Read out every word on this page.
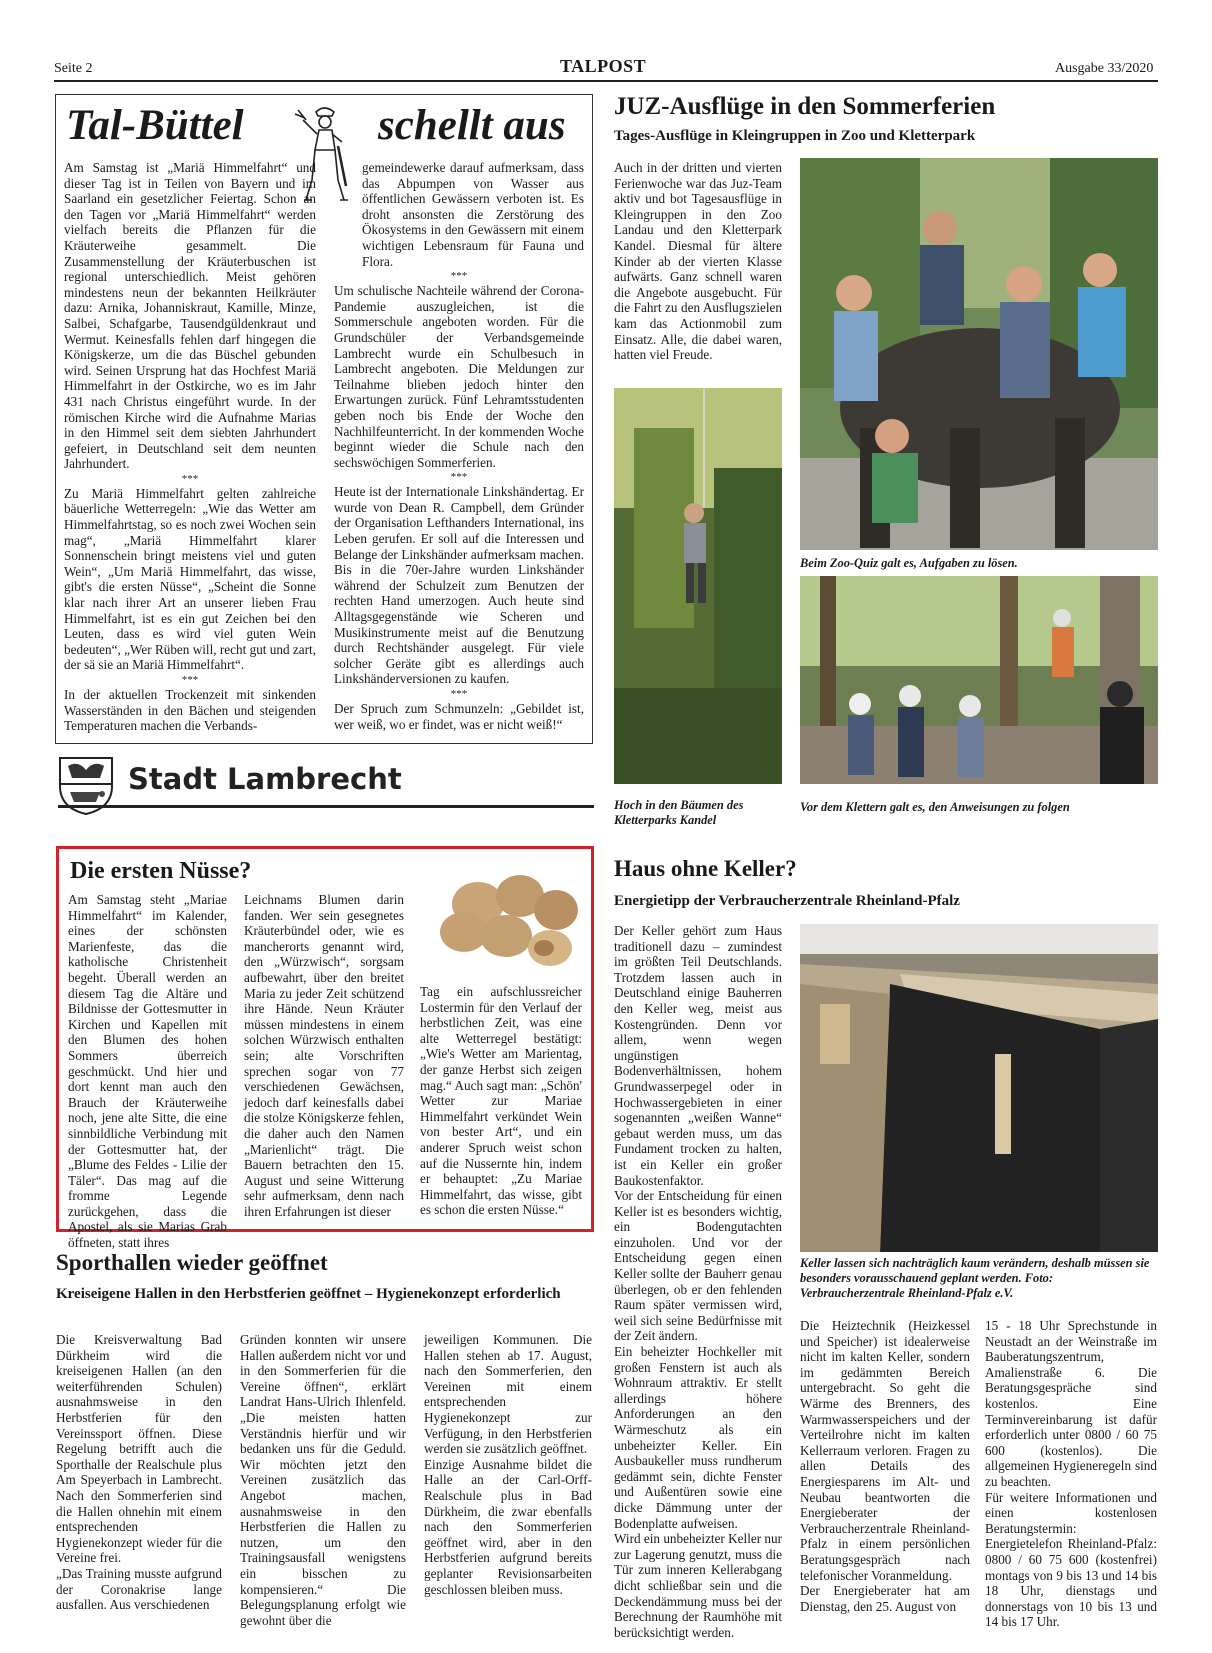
Seite 2	TALPOST	Ausgabe 33/2020
Tal-Büttel	schellt aus

Am Samstag ist „Mariä Himmelfahrt“ und dieser Tag ist in Teilen von Bayern und im Saarland ein gesetzlicher Feiertag. Schon an den Tagen vor „Mariä Himmelfahrt“ werden vielfach bereits die Pflanzen für die Kräuterweihe gesammelt. Die Zusammenstellung der Kräuterbuschen ist regional unterschiedlich. Meist gehören mindestens neun der bekannten Heilkräuter dazu: Arnika, Johanniskraut, Kamille, Minze, Salbei, Schafgarbe, Tausendgüldenkraut und Wermut. Keinesfalls fehlen darf hingegen die Königskerze, um die das Büschel gebunden wird. Seinen Ursprung hat das Hochfest Mariä Himmelfahrt in der Ostkirche, wo es im Jahr 431 nach Christus eingeführt wurde. In der römischen Kirche wird die Aufnahme Marias in den Himmel seit dem siebten Jahrhundert gefeiert, in Deutschland seit dem neunten Jahrhundert.

***

Zu Mariä Himmelfahrt gelten zahlreiche bäuerliche Wetterregeln: „Wie das Wetter am Himmelfahrtstag, so es noch zwei Wochen sein mag“, „Mariä Himmelfahrt klarer Sonnenschein bringt meistens viel und guten Wein“, „Um Mariä Himmelfahrt, das wisse, gibt's die ersten Nüsse“, „Scheint die Sonne klar nach ihrer Art an unserer lieben Frau Himmelfahrt, ist es ein gut Zeichen bei den Leuten, dass es wird viel guten Wein bedeuten“, „Wer Rüben will, recht gut und zart, der sä sie an Mariä Himmelfahrt“.

***

In der aktuellen Trockenzeit mit sinkenden Wasserständen in den Bächen und steigenden Temperaturen machen die Verbands-

gemeindewerke darauf aufmerksam, dass das Abpumpen von Wasser aus öffentlichen Gewässern verboten ist. Es droht ansonsten die Zerstörung des Ökosystems in den Gewässern mit einem wichtigen Lebensraum für Fauna und Flora.

***

Um schulische Nachteile während der Corona-Pandemie auszugleichen, ist die Sommerschule angeboten worden. Für die Grundschüler der Verbandsgemeinde Lambrecht wurde ein Schulbesuch in Lambrecht angeboten. Die Meldungen zur Teilnahme blieben jedoch hinter den Erwartungen zurück. Fünf Lehramtsstudenten geben noch bis Ende der Woche den Nachhilfeunterricht. In der kommenden Woche beginnt wieder die Schule nach den sechswöchigen Sommerferien.

***

Heute ist der Internationale Linkshändertag. Er wurde von Dean R. Campbell, dem Gründer der Organisation Lefthanders International, ins Leben gerufen. Er soll auf die Interessen und Belange der Linkshänder aufmerksam machen. Bis in die 70er-Jahre wurden Linkshänder während der Schulzeit zum Benutzen der rechten Hand umerzogen. Auch heute sind Alltagsgegenstände wie Scheren und Musikinstrumente meist auf die Benutzung durch Rechtshänder ausgelegt. Für viele solcher Geräte gibt es allerdings auch Linkshänderversionen zu kaufen.

***

Der Spruch zum Schmunzeln: „Gebildet ist, wer weiß, wo er findet, was er nicht weiß!“

JUZ-Ausflüge in den Sommerferien
Tages-Ausflüge in Kleingruppen in Zoo und Kletterpark
Auch in der dritten und vierten Ferienwoche war das Juz-Team aktiv und bot Tagesausflüge in Kleingruppen in den Zoo Landau und den Kletterpark Kandel. Diesmal für ältere Kinder ab der vierten Klasse aufwärts. Ganz schnell waren die Angebote ausgebucht. Für die Fahrt zu den Ausflugszielen kam das Actionmobil zum Einsatz. Alle, die dabei waren, hatten viel Freude.
Beim Zoo-Quiz galt es, Aufgaben zu lösen.
Hoch in den Bäumen des Kletterparks Kandel
Vor dem Klettern galt es, den Anweisungen zu folgen
Stadt Lambrecht
Die ersten Nüsse?
Am Samstag steht „Mariae Himmelfahrt“ im Kalender, eines der schönsten Marienfeste, das die katholische Christenheit begeht. Überall werden an diesem Tag die Altäre und Bildnisse der Gottesmutter in Kirchen und Kapellen mit den Blumen des hohen Sommers überreich geschmückt. Und hier und dort kennt man auch den Brauch der Kräuterweihe noch, jene alte Sitte, die eine sinnbildliche Verbindung mit der Gottesmutter hat, der „Blume des Feldes - Lilie der Täler“. Das mag auf die fromme Legende zurückgehen, dass die Apostel, als sie Marias Grab öffneten, statt ihres
Leichnams Blumen darin fanden. Wer sein gesegnetes Kräuterbündel oder, wie es mancherorts genannt wird, den „Würzwisch“, sorgsam aufbewahrt, über den breitet Maria zu jeder Zeit schützend ihre Hände. Neun Kräuter müssen mindestens in einem solchen Würzwisch enthalten sein; alte Vorschriften sprechen sogar von 77 verschiedenen Gewächsen, jedoch darf keinesfalls dabei die stolze Königskerze fehlen, die daher auch den Namen „Marienlicht“ trägt. Die Bauern betrachten den 15. August und seine Witterung sehr aufmerksam, denn nach ihren Erfahrungen ist dieser
Tag ein aufschlussreicher Lostermin für den Verlauf der herbstlichen Zeit, was eine alte Wetterregel bestätigt: „Wie's Wetter am Marientag, der ganze Herbst sich zeigen mag.“ Auch sagt man: „Schön' Wetter zur Mariae Himmelfahrt verkündet Wein von bester Art“, und ein anderer Spruch weist schon auf die Nussernte hin, indem er behauptet: „Zu Mariae Himmelfahrt, das wisse, gibt es schon die ersten Nüsse.“
Haus ohne Keller?
Energietipp der Verbraucherzentrale Rheinland-Pfalz

Der Keller gehört zum Haus traditionell dazu – zumindest im größten Teil Deutschlands. Trotzdem lassen auch in Deutschland einige Bauherren den Keller weg, meist aus Kostengründen. Denn vor allem, wenn wegen ungünstigen Bodenverhältnissen, hohem Grundwasserpegel oder in Hochwassergebieten in einer sogenannten „weißen Wanne“ gebaut werden muss, um das Fundament trocken zu halten, ist ein Keller ein großer Baukostenfaktor.

Vor der Entscheidung für einen Keller ist es besonders wichtig, ein Bodengutachten einzuholen. Und vor der Entscheidung gegen einen Keller sollte der Bauherr genau überlegen, ob er den fehlenden Raum später vermissen wird, weil sich seine Bedürfnisse mit der Zeit ändern.

Ein beheizter Hochkeller mit großen Fenstern ist auch als Wohnraum attraktiv. Er stellt allerdings höhere Anforderungen an den Wärmeschutz als ein unbeheizter Keller. Ein Ausbaukeller muss rundherum gedämmt sein, dichte Fenster und Außentüren sowie eine dicke Dämmung unter der Bodenplatte aufweisen.

Wird ein unbeheizter Keller nur zur Lagerung genutzt, muss die Tür zum inneren Kellerabgang dicht schließbar sein und die Deckendämmung muss bei der Berechnung der Raumhöhe mit berücksichtigt werden.

Keller lassen sich nachträglich kaum verändern, deshalb müssen sie besonders vorausschauend geplant werden. Foto: Verbraucherzentrale Rheinland-Pfalz e.V.

Die Heiztechnik (Heizkessel und Speicher) ist idealerweise nicht im kalten Keller, sondern im gedämmten Bereich untergebracht. So geht die Wärme des Brenners, des Warmwasserspeichers und der Verteilrohre nicht im kalten Kellerraum verloren. Fragen zu allen Details des Energiesparens im Alt- und Neubau beantworten die Energieberater der Verbraucherzentrale Rheinland-Pfalz in einem persönlichen Beratungsgespräch nach telefonischer Voranmeldung.

Der Energieberater hat am Dienstag, den 25. August von

15 - 18 Uhr Sprechstunde in Neustadt an der Weinstraße im Bauberatungszentrum, Amalienstraße 6. Die Beratungsgespräche sind kostenlos. Eine Terminvereinbarung ist dafür erforderlich unter 0800 / 60 75 600 (kostenlos). Die allgemeinen Hygieneregeln sind zu beachten.

Für weitere Informationen und einen kostenlosen Beratungstermin: Energietelefon Rheinland-Pfalz: 0800 / 60 75 600 (kostenfrei) montags von 9 bis 13 und 14 bis 18 Uhr, dienstags und donnerstags von 10 bis 13 und 14 bis 17 Uhr.

Sporthallen wieder geöffnet
Kreiseigene Hallen in den Herbstferien geöffnet – Hygienekonzept erforderlich

Die Kreisverwaltung Bad Dürkheim wird die kreiseigenen Hallen (an den weiterführenden Schulen) ausnahmsweise in den Herbstferien für den Vereinssport öffnen. Diese Regelung betrifft auch die Sporthalle der Realschule plus Am Speyerbach in Lambrecht. Nach den Sommerferien sind die Hallen ohnehin mit einem entsprechenden Hygienekonzept wieder für die Vereine frei.

„Das Training musste aufgrund der Coronakrise lange ausfallen. Aus verschiedenen

Gründen konnten wir unsere Hallen außerdem nicht vor und in den Sommerferien für die Vereine öffnen“, erklärt Landrat Hans-Ulrich Ihlenfeld. „Die meisten hatten Verständnis hierfür und wir bedanken uns für die Geduld. Wir möchten jetzt den Vereinen zusätzlich das Angebot machen, ausnahmsweise in den Herbstferien die Hallen zu nutzen, um den Trainingsausfall wenigstens ein bisschen zu kompensieren.“ Die Belegungsplanung erfolgt wie gewohnt über die

jeweiligen Kommunen. Die Hallen stehen ab 17. August, nach den Sommerferien, den Vereinen mit einem entsprechenden Hygienekonzept zur Verfügung, in den Herbstferien werden sie zusätzlich geöffnet.

Einzige Ausnahme bildet die Halle an der Carl-Orff-Realschule plus in Bad Dürkheim, die zwar ebenfalls nach den Sommerferien geöffnet wird, aber in den Herbstferien aufgrund bereits geplanter Revisionsarbeiten geschlossen bleiben muss.
